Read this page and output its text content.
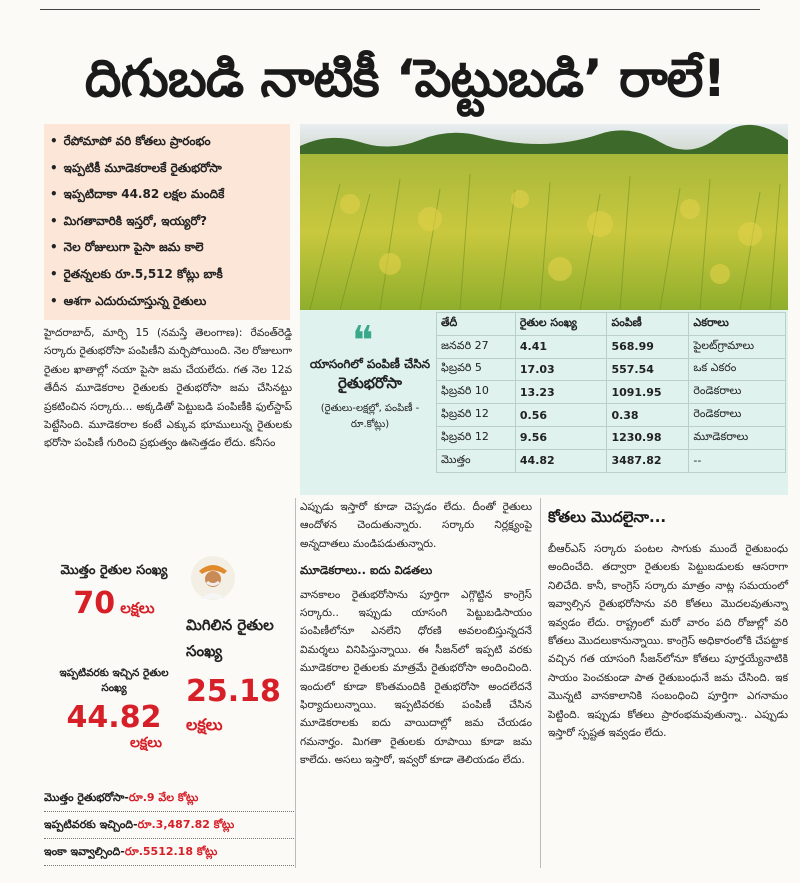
దిగుబడి నాటికీ ‘పెట్టుబడి’ రాలే!
• రేపోమాపో వరి కోతలు ప్రారంభం
• ఇప్పటికీ మూడెకరాలకే రైతుభరోసా
• ఇప్పటిదాకా 44.82 లక్షల మందికే
• మిగతావారికి ఇస్తరో, ఇయ్యరో?
• నెల రోజులుగా పైసా జమ కాలె
• రైతన్నలకు రూ.5,512 కోట్లు బాకీ
• ఆశగా ఎదురుచూస్తున్న రైతులు

హైదరాబాద్, మార్చి 15 (నమస్తే తెలంగాణ): రేవంత్‌రెడ్డి సర్కారు రైతుభరోసా పంపిణీని మర్చిపోయింది. నెల రోజులుగా రైతుల ఖాతాల్లో నయా పైసా జమ చేయలేదు. గత నెల 12వ తేదీన మూడెకరాల రైతులకు రైతుభరోసా జమ చేసినట్టు ప్రకటించిన సర్కారు... అక్కడితో పెట్టుబడి పంపిణీకి ఫుల్‌స్టాప్ పెట్టేసింది. మూడెకరాల కంటే ఎక్కువ భూములున్న రైతులకు భరోసా పంపిణీ గురించి ప్రభుత్వం ఊసెత్తడం లేదు. కనీసం

❝
యాసంగిలో పంపిణీ చేసిన
రైతుభరోసా
(రైతులు-లక్షల్లో, పంపిణీ - రూ.కోట్లు)
తేదీ	రైతుల సంఖ్య	పంపిణీ	ఎకరాలు
జనవరి 27	4.41	568.99	పైలట్‌గ్రామాలు
ఫిబ్రవరి 5	17.03	557.54	ఒక ఎకరం
ఫిబ్రవరి 10	13.23	1091.95	రెండెకరాలు
ఫిబ్రవరి 12	0.56	0.38	రెండెకరాలు
ఫిబ్రవరి 12	9.56	1230.98	మూడెకరాలు
మొత్తం	44.82	3487.82	--
మొత్తం రైతుల సంఖ్య
70 లక్షలు
ఇప్పటివరకు ఇచ్చిన రైతుల సంఖ్య
44.82
లక్షలు
మిగిలిన రైతుల సంఖ్య
25.18
లక్షలు
మొత్తం రైతుభరోసా-రూ.9 వేల కోట్లు
ఇప్పటివరకు ఇచ్చింది-రూ.3,487.82 కోట్లు
ఇంకా ఇవ్వాల్సింది-రూ.5512.18 కోట్లు

ఎప్పుడు ఇస్తారో కూడా చెప్పడం లేదు. దీంతో రైతులు ఆందోళన చెందుతున్నారు. సర్కారు నిర్లక్ష్యంపై అన్నదాతలు మండిపడుతున్నారు.

మూడెకరాలు.. ఐదు విడతలు

వానకాలం రైతుభరోసాను పూర్తిగా ఎగ్గొట్టిన కాంగ్రెస్ సర్కారు.. ఇప్పుడు యాసంగి పెట్టుబడిసాయం పంపిణీలోనూ ఎనలేని ధోరణి అవలంబిస్తున్నదనే విమర్శలు వినిపిస్తున్నాయి. ఈ సీజన్‌లో ఇప్పటి వరకు మూడెకరాల రైతులకు మాత్రమే రైతుభరోసా అందించింది. ఇందులో కూడా కొంతమందికి రైతుభరోసా అందలేదనే ఫిర్యాదులున్నాయి. ఇప్పటివరకు పంపిణీ చేసిన మూడెకరాలకు ఐదు వాయిదాల్లో జమ చేయడం గమనార్హం. మిగతా రైతులకు రూపాయి కూడా జమ కాలేదు. అసలు ఇస్తారో, ఇవ్వరో కూడా తెలియడం లేదు.

కోతలు మొదలైనా...

బీఆర్‌ఎస్ సర్కారు పంటల సాగుకు ముందే రైతుబంధు అందించేది. తద్వారా రైతులకు పెట్టుబడులకు ఆసరాగా నిలిచేది. కానీ, కాంగ్రెస్ సర్కారు మాత్రం నాట్ల సమయంలో ఇవ్వాల్సిన రైతుభరోసాను వరి కోతలు మొదలవుతున్నా ఇవ్వడం లేదు. రాష్ట్రంలో మరో వారం పది రోజుల్లో వరి కోతలు మొదలుకానున్నాయి. కాంగ్రెస్ అధికారంలోకి చేపట్టాక వచ్చిన గత యాసంగి సీజన్‌లోనూ కోతలు పూర్తయ్యేనాటికి సాయం పెంచకుండా పాత రైతుబంధునే జమ చేసింది. ఇక మొన్నటి వానకాలానికి సంబంధించి పూర్తిగా ఎగనామం పెట్టింది. ఇప్పుడు కోతలు ప్రారంభమవుతున్నా.. ఎప్పుడు ఇస్తారో స్పష్టత ఇవ్వడం లేదు.
